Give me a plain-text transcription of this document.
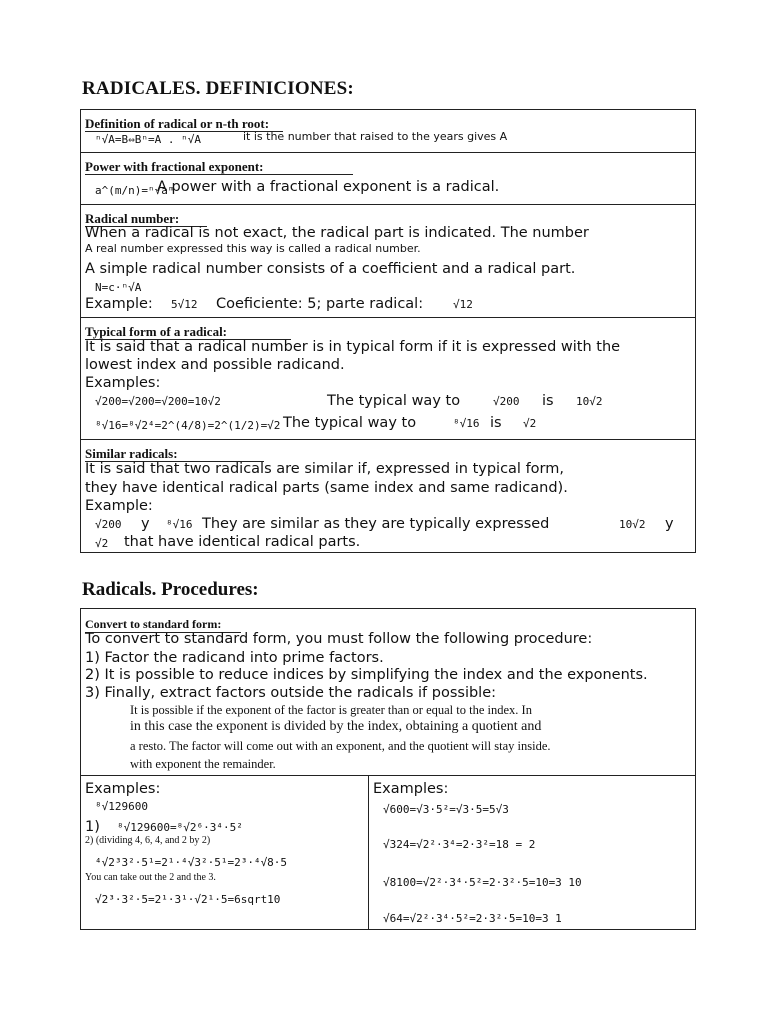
RADICALES. DEFINICIONES:
Definition of radical or n-th root:
ⁿ√A=B⇔Bⁿ=A . ⁿ√A	it is the number that raised to the years gives A
Power with fractional exponent:
a^(m/n)=ⁿ√aᵐ
A power with a fractional exponent is a radical.
Radical number:
When a radical is not exact, the radical part is indicated. The number
A real number expressed this way is called a radical number.
A simple radical number consists of a coefficient and a radical part.
N=c·ⁿ√A
Example: 5√12 Coeficiente: 5; parte radical:	√12
Typical form of a radical:
It is said that a radical number is in typical form if it is expressed with the
lowest index and possible radicand.
Examples:
√200=√200=√200=10√2	The typical way to	√200 is 10√2
⁸√16=⁸√2⁴=2^(4/8)=2^(1/2)=√2 The typical way to	⁸√16 is √2
Similar radicals:
It is said that two radicals are similar if, expressed in typical form,
they have identical radical parts (same index and same radicand).
Example:
√200 y ⁸√16 They are similar as they are typically expressed	10√2 y
√2 that have identical radical parts.
Radicals. Procedures:
Convert to standard form:
To convert to standard form, you must follow the following procedure:
1) Factor the radicand into prime factors.
2) It is possible to reduce indices by simplifying the index and the exponents.
3) Finally, extract factors outside the radicals if possible:
It is possible if the exponent of the factor is greater than or equal to the index. In
in this case the exponent is divided by the index, obtaining a quotient and
a resto. The factor will come out with an exponent, and the quotient will stay inside.
with exponent the remainder.
Examples:
⁸√129600
1) ⁸√129600=⁸√2⁶·3⁴·5²
2) (dividing 4, 6, 4, and 2 by 2)
⁴√2³3²·5¹=2¹·⁴√3²·5¹=2³·⁴√8·5
You can take out the 2 and the 3.
√2³·3²·5=2¹·3¹·√2¹·5=6sqrt10
Examples:
√600=√3·5²=√3·5=5√3
√324=√2²·3⁴=2·3²=18 = 2
√8100=√2²·3⁴·5²=2·3²·5=10=3 10
√64=√2²·3⁴·5²=2·3²·5=10=3 1
